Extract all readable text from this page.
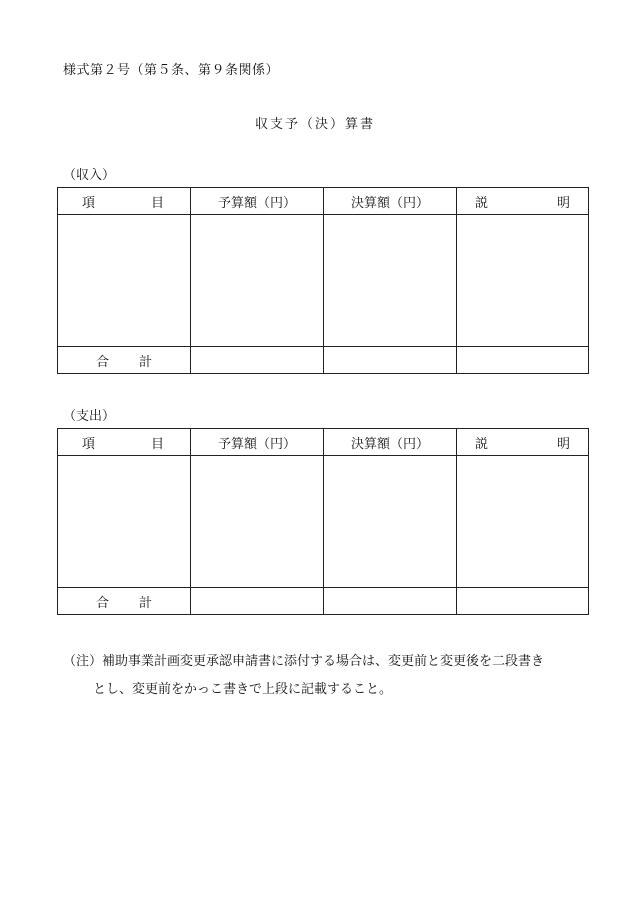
様式第２号（第５条、第９条関係）
収支予（決）算書
（収入）
項 目	予算額（円）	決算額（円）	説 明

合 計			

（支出）
項 目	予算額（円）	決算額（円）	説 明

合 計			

（注）補助事業計画変更承認申請書に添付する場合は、変更前と変更後を二段書き
とし、変更前をかっこ書きで上段に記載すること。
